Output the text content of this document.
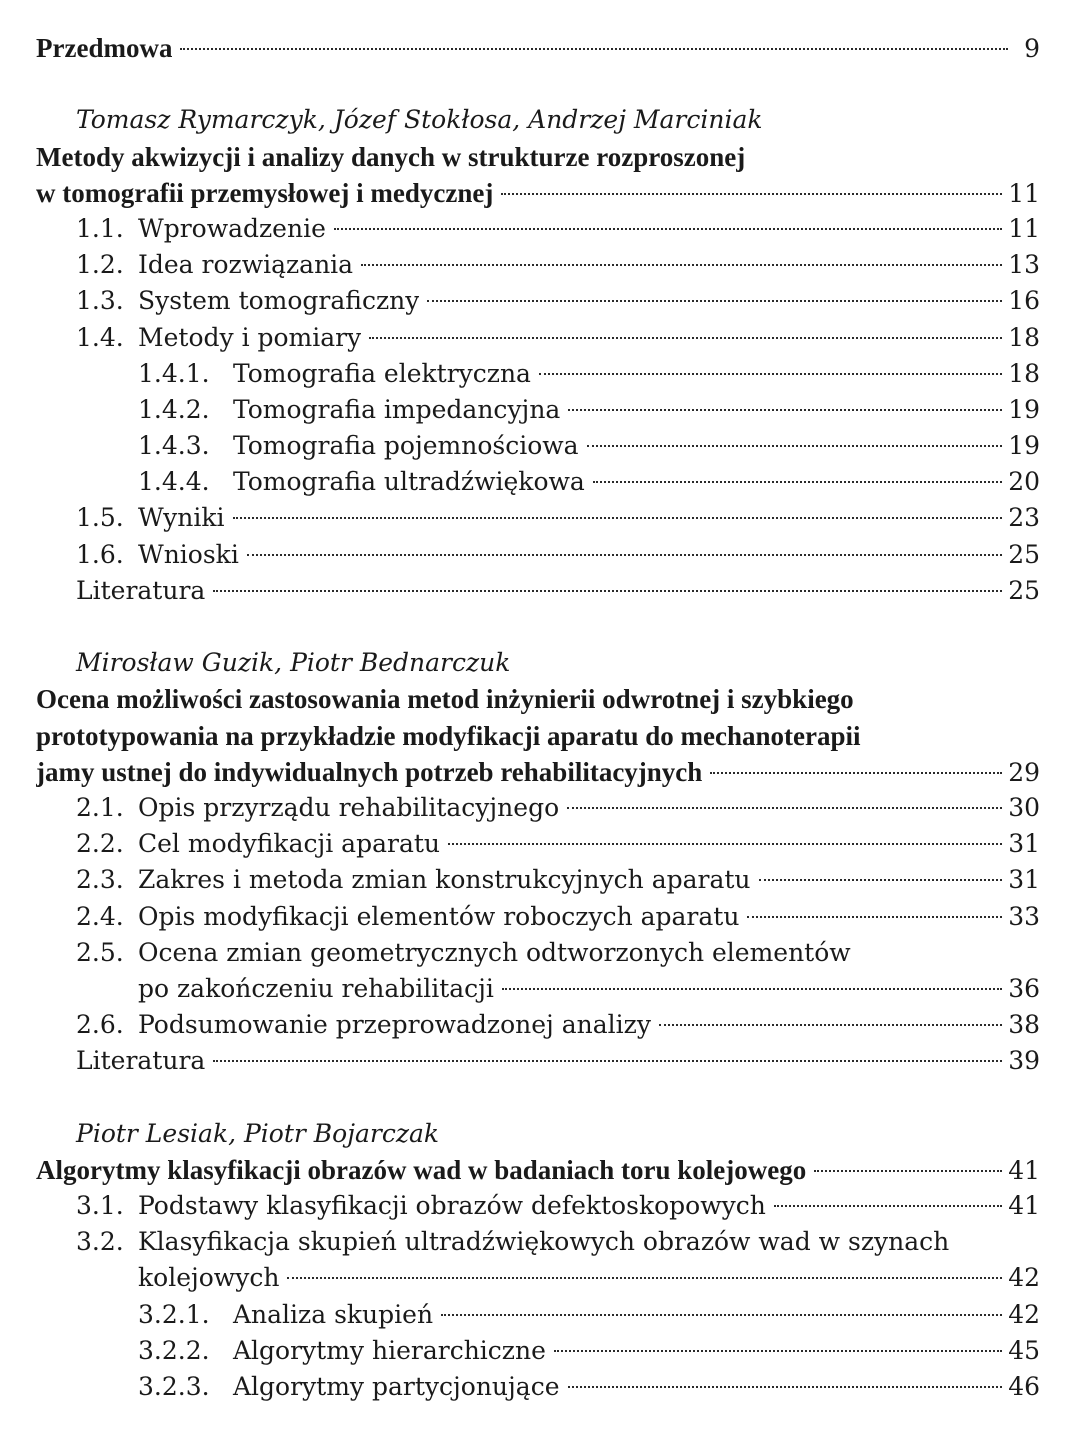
Przedmowa	9
Tomasz Rymarczyk, Józef Stokłosa, Andrzej Marciniak
Metody akwizycji i analizy danych w strukturze rozproszonej
w tomografii przemysłowej i medycznej	11
1.1. Wprowadzenie	11
1.2. Idea rozwiązania	13
1.3. System tomograficzny	16
1.4. Metody i pomiary	18
1.4.1. Tomografia elektryczna	18
1.4.2. Tomografia impedancyjna	19
1.4.3. Tomografia pojemnościowa	19
1.4.4. Tomografia ultradźwiękowa	20
1.5. Wyniki	23
1.6. Wnioski	25
Literatura	25
Mirosław Guzik, Piotr Bednarczuk
Ocena możliwości zastosowania metod inżynierii odwrotnej i szybkiego
prototypowania na przykładzie modyfikacji aparatu do mechanoterapii
jamy ustnej do indywidualnych potrzeb rehabilitacyjnych	29
2.1. Opis przyrządu rehabilitacyjnego	30
2.2. Cel modyfikacji aparatu	31
2.3. Zakres i metoda zmian konstrukcyjnych aparatu	31
2.4. Opis modyfikacji elementów roboczych aparatu	33
2.5. Ocena zmian geometrycznych odtworzonych elementów
po zakończeniu rehabilitacji	36
2.6. Podsumowanie przeprowadzonej analizy	38
Literatura	39
Piotr Lesiak, Piotr Bojarczak
Algorytmy klasyfikacji obrazów wad w badaniach toru kolejowego	41
3.1. Podstawy klasyfikacji obrazów defektoskopowych	41
3.2. Klasyfikacja skupień ultradźwiękowych obrazów wad w szynach
kolejowych	42
3.2.1. Analiza skupień	42
3.2.2. Algorytmy hierarchiczne	45
3.2.3. Algorytmy partycjonujące	46
